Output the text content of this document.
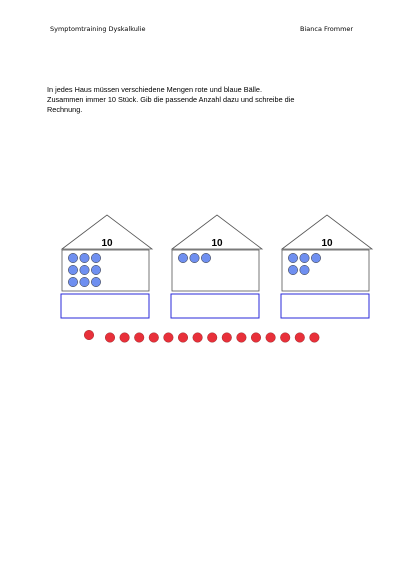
Symptomtraining Dyskalkulie	Bianca Frommer
In jedes Haus müssen verschiedene Mengen rote und blaue Bälle.
Zusammen immer 10 Stück. Gib die passende Anzahl dazu und schreibe die
Rechnung.
10	10	10
